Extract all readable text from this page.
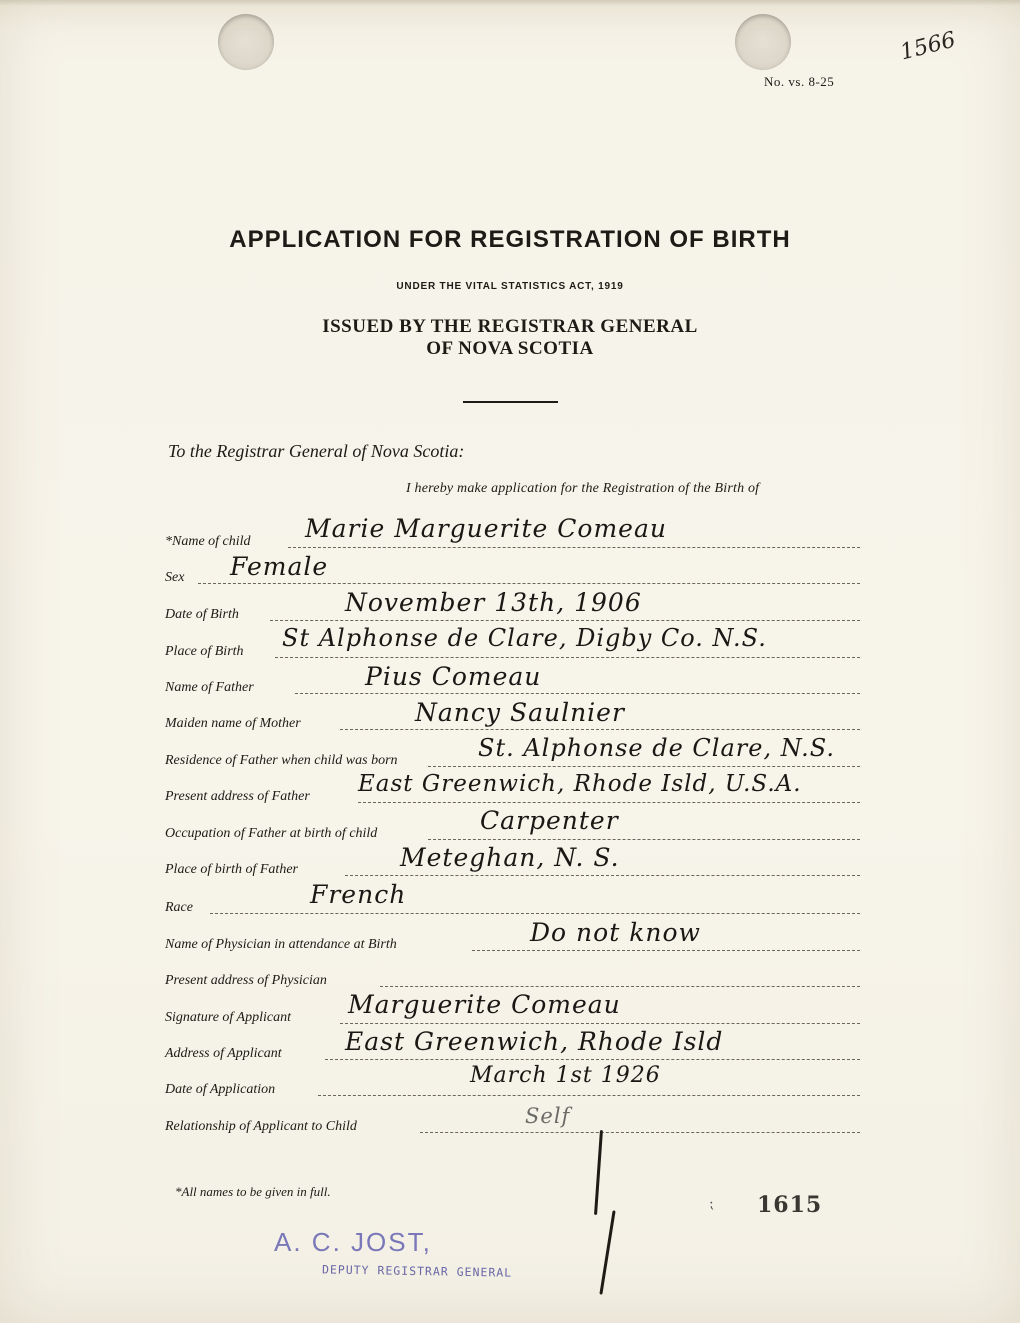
No. vs. 8-25
1566
APPLICATION FOR REGISTRATION OF BIRTH
UNDER THE VITAL STATISTICS ACT, 1919
ISSUED BY THE REGISTRAR GENERAL
OF NOVA SCOTIA
To the Registrar General of Nova Scotia:
I hereby make application for the Registration of the Birth of
*Name of child
Sex
Date of Birth
Place of Birth
Name of Father
Maiden name of Mother
Residence of Father when child was born
Present address of Father
Occupation of Father at birth of child
Place of birth of Father
Race
Name of Physician in attendance at Birth
Present address of Physician
Signature of Applicant
Address of Applicant
Date of Application
Relationship of Applicant to Child
Marie Marguerite Comeau
Female
November 13th, 1906
St Alphonse de Clare, Digby Co. N.S.
Pius Comeau
Nancy Saulnier
St. Alphonse de Clare, N.S.
East Greenwich, Rhode Isld, U.S.A.
Carpenter
Meteghan, N. S.
French
Do not know
Marguerite Comeau
East Greenwich, Rhode Isld
March 1st 1926
Self
*All names to be given in full.
⁏ 1615
A. C. JOST,
DEPUTY REGISTRAR GENERAL
